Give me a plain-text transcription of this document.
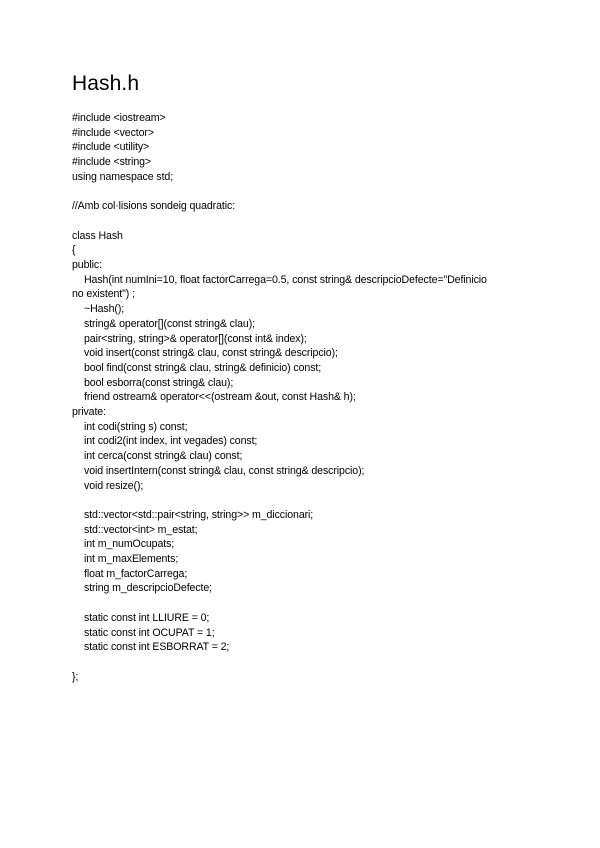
Hash.h
#include <iostream>
#include <vector>
#include <utility>
#include <string>
using namespace std;
//Amb col·lisions sondeig quadratic:
class Hash
{
public:
Hash(int numIni=10, float factorCarrega=0.5, const string& descripcioDefecte="Definicio
no existent") ;
~Hash();
string& operator[](const string& clau);
pair<string, string>& operator[](const int& index);
void insert(const string& clau, const string& descripcio);
bool find(const string& clau, string& definicio) const;
bool esborra(const string& clau);
friend ostream& operator<<(ostream &out, const Hash& h);
private:
int codi(string s) const;
int codi2(int index, int vegades) const;
int cerca(const string& clau) const;
void insertIntern(const string& clau, const string& descripcio);
void resize();
std::vector<std::pair<string, string>> m_diccionari;
std::vector<int> m_estat;
int m_numOcupats;
int m_maxElements;
float m_factorCarrega;
string m_descripcioDefecte;
static const int LLIURE = 0;
static const int OCUPAT = 1;
static const int ESBORRAT = 2;
};
